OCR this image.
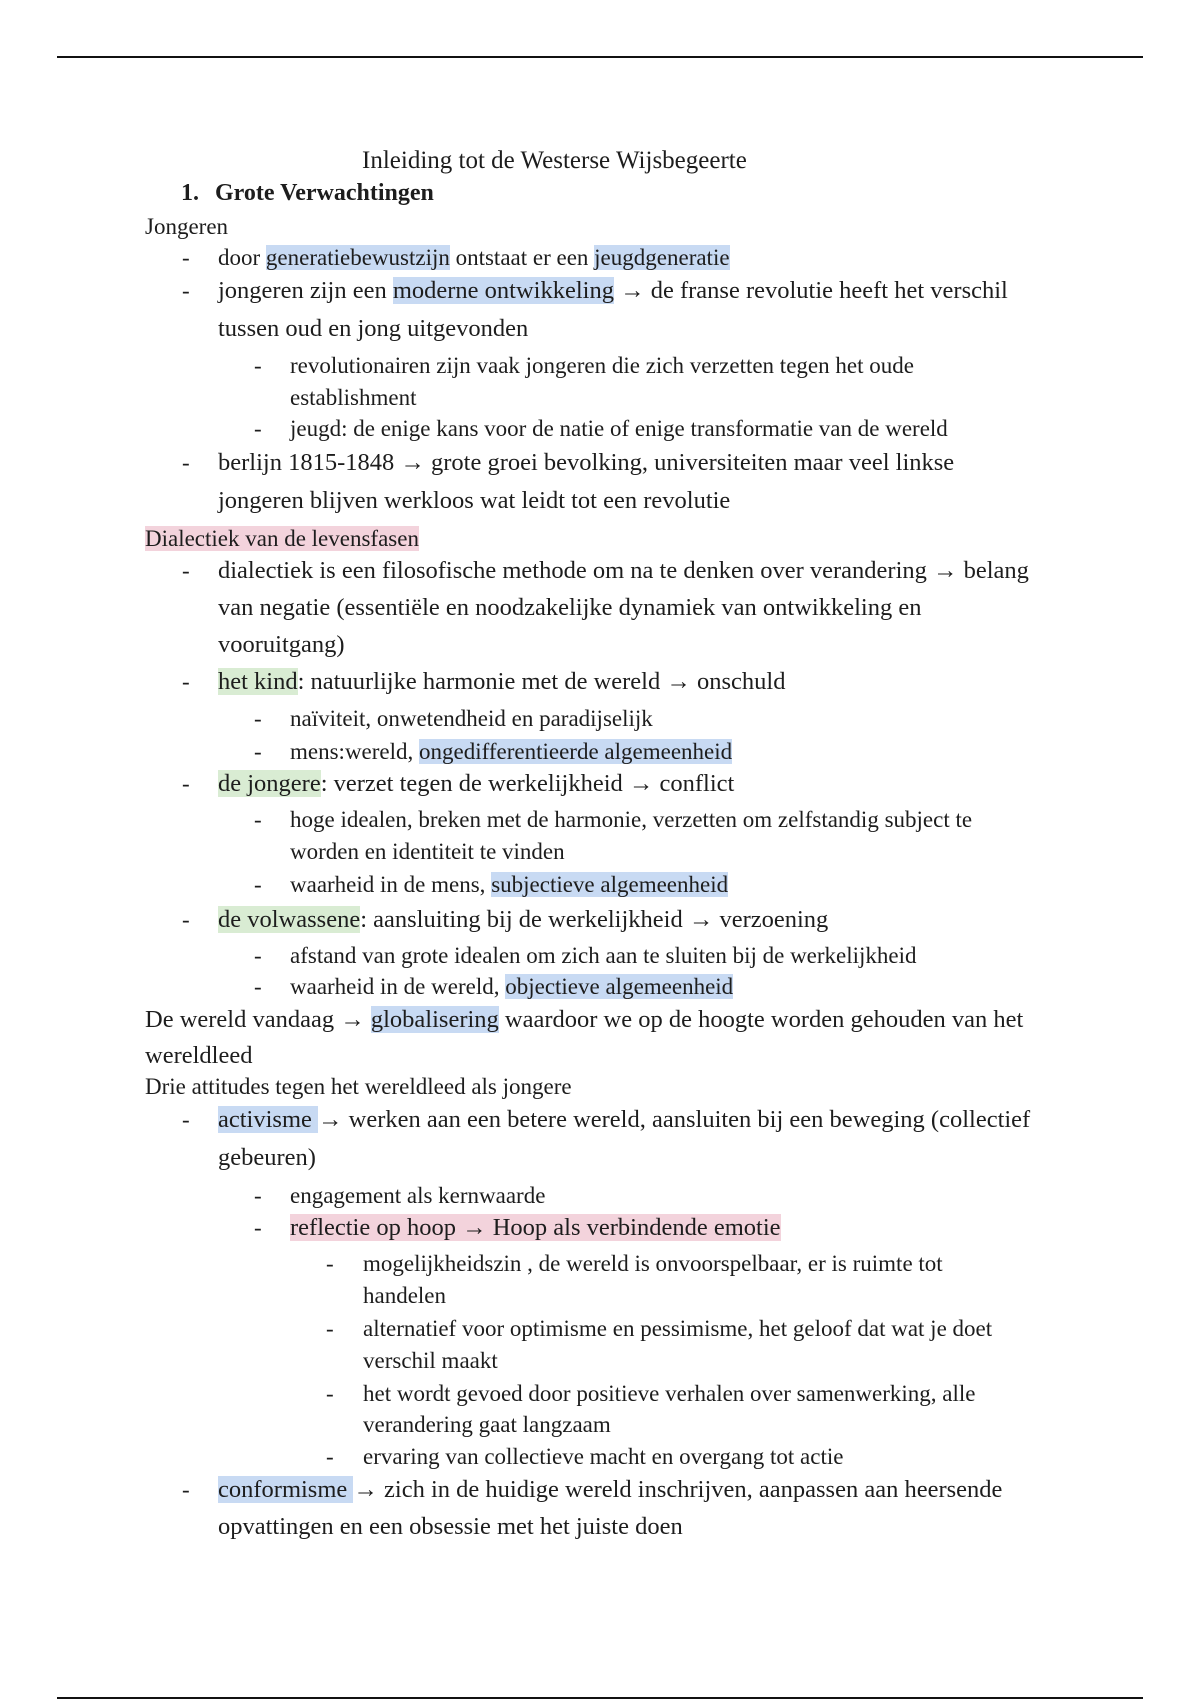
Inleiding tot de Westerse Wijsbegeerte
1. Grote Verwachtingen
Jongeren
- door generatiebewustzijn ontstaat er een jeugdgeneratie
- jongeren zijn een moderne ontwikkeling → de franse revolutie heeft het verschil
tussen oud en jong uitgevonden
- revolutionairen zijn vaak jongeren die zich verzetten tegen het oude
establishment
- jeugd: de enige kans voor de natie of enige transformatie van de wereld
- berlijn 1815-1848 → grote groei bevolking, universiteiten maar veel linkse
jongeren blijven werkloos wat leidt tot een revolutie
Dialectiek van de levensfasen
- dialectiek is een filosofische methode om na te denken over verandering → belang
van negatie (essentiële en noodzakelijke dynamiek van ontwikkeling en
vooruitgang)
- het kind: natuurlijke harmonie met de wereld → onschuld
- naïviteit, onwetendheid en paradijselijk
- mens:wereld, ongedifferentieerde algemeenheid
- de jongere: verzet tegen de werkelijkheid → conflict
- hoge idealen, breken met de harmonie, verzetten om zelfstandig subject te
worden en identiteit te vinden
- waarheid in de mens, subjectieve algemeenheid
- de volwassene: aansluiting bij de werkelijkheid → verzoening
- afstand van grote idealen om zich aan te sluiten bij de werkelijkheid
- waarheid in de wereld, objectieve algemeenheid
De wereld vandaag → globalisering waardoor we op de hoogte worden gehouden van het
wereldleed
Drie attitudes tegen het wereldleed als jongere
- activisme → werken aan een betere wereld, aansluiten bij een beweging (collectief
gebeuren)
- engagement als kernwaarde
- reflectie op hoop → Hoop als verbindende emotie
- mogelijkheidszin , de wereld is onvoorspelbaar, er is ruimte tot
handelen
- alternatief voor optimisme en pessimisme, het geloof dat wat je doet
verschil maakt
- het wordt gevoed door positieve verhalen over samenwerking, alle
verandering gaat langzaam
- ervaring van collectieve macht en overgang tot actie
- conformisme → zich in de huidige wereld inschrijven, aanpassen aan heersende
opvattingen en een obsessie met het juiste doen
